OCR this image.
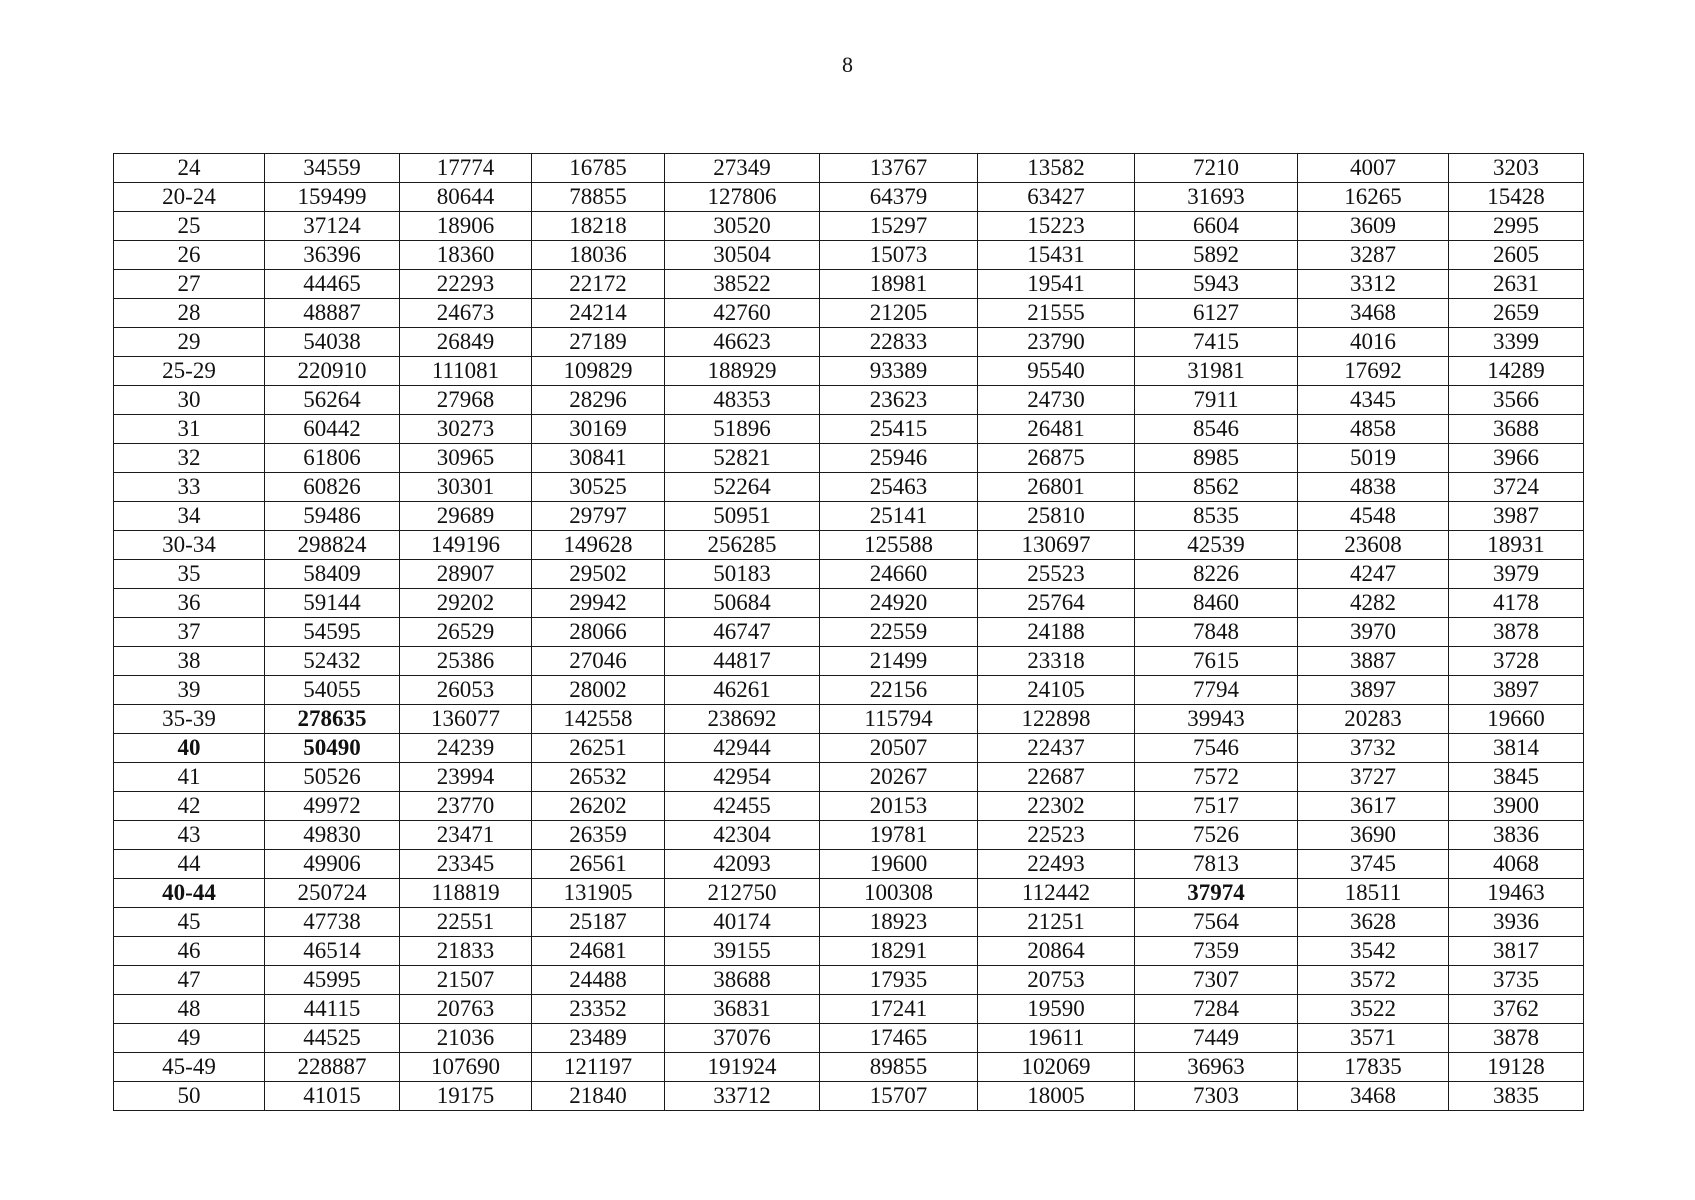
8
24	34559	17774	16785	27349	13767	13582	7210	4007	3203
20-24	159499	80644	78855	127806	64379	63427	31693	16265	15428
25	37124	18906	18218	30520	15297	15223	6604	3609	2995
26	36396	18360	18036	30504	15073	15431	5892	3287	2605
27	44465	22293	22172	38522	18981	19541	5943	3312	2631
28	48887	24673	24214	42760	21205	21555	6127	3468	2659
29	54038	26849	27189	46623	22833	23790	7415	4016	3399
25-29	220910	111081	109829	188929	93389	95540	31981	17692	14289
30	56264	27968	28296	48353	23623	24730	7911	4345	3566
31	60442	30273	30169	51896	25415	26481	8546	4858	3688
32	61806	30965	30841	52821	25946	26875	8985	5019	3966
33	60826	30301	30525	52264	25463	26801	8562	4838	3724
34	59486	29689	29797	50951	25141	25810	8535	4548	3987
30-34	298824	149196	149628	256285	125588	130697	42539	23608	18931
35	58409	28907	29502	50183	24660	25523	8226	4247	3979
36	59144	29202	29942	50684	24920	25764	8460	4282	4178
37	54595	26529	28066	46747	22559	24188	7848	3970	3878
38	52432	25386	27046	44817	21499	23318	7615	3887	3728
39	54055	26053	28002	46261	22156	24105	7794	3897	3897
35-39	278635	136077	142558	238692	115794	122898	39943	20283	19660
40	50490	24239	26251	42944	20507	22437	7546	3732	3814
41	50526	23994	26532	42954	20267	22687	7572	3727	3845
42	49972	23770	26202	42455	20153	22302	7517	3617	3900
43	49830	23471	26359	42304	19781	22523	7526	3690	3836
44	49906	23345	26561	42093	19600	22493	7813	3745	4068
40-44	250724	118819	131905	212750	100308	112442	37974	18511	19463
45	47738	22551	25187	40174	18923	21251	7564	3628	3936
46	46514	21833	24681	39155	18291	20864	7359	3542	3817
47	45995	21507	24488	38688	17935	20753	7307	3572	3735
48	44115	20763	23352	36831	17241	19590	7284	3522	3762
49	44525	21036	23489	37076	17465	19611	7449	3571	3878
45-49	228887	107690	121197	191924	89855	102069	36963	17835	19128
50	41015	19175	21840	33712	15707	18005	7303	3468	3835
